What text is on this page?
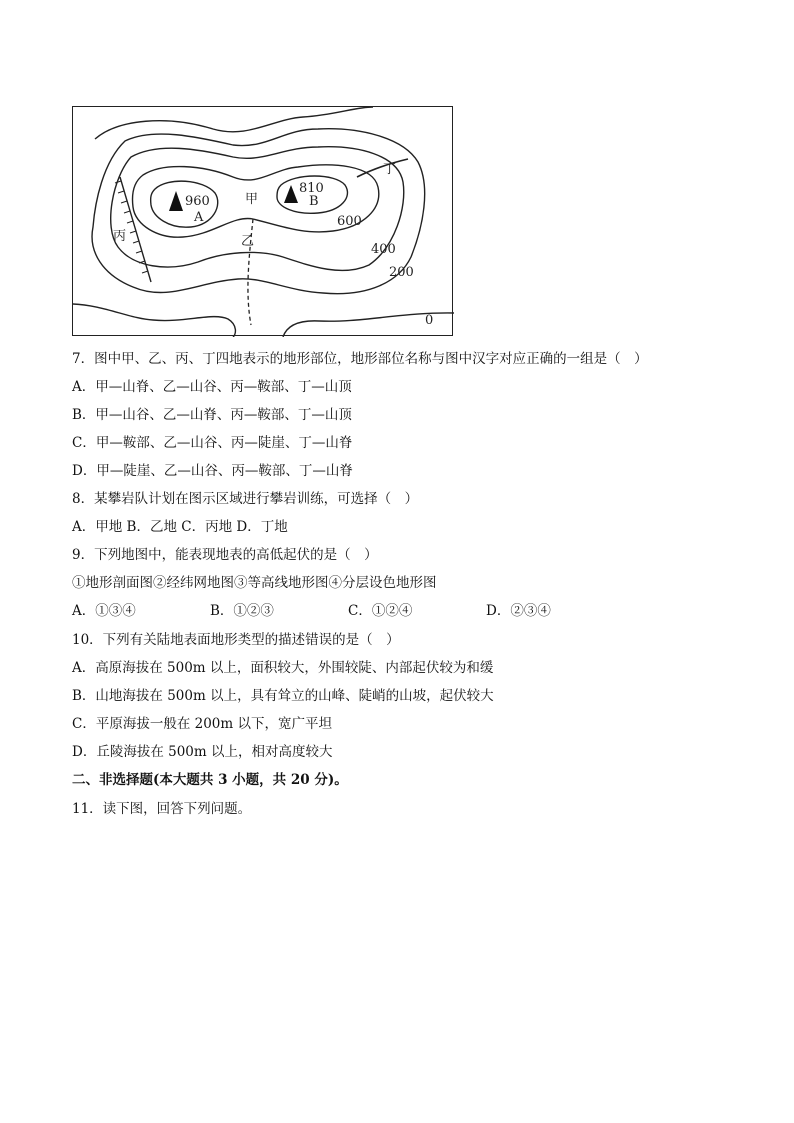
960
A
810
B
甲
乙
丙
丁
600
400
200
0
7．图中甲、乙、丙、丁四地表示的地形部位，地形部位名称与图中汉字对应正确的一组是（　）
A．甲—山脊、乙—山谷、丙—鞍部、丁—山顶
B．甲—山谷、乙—山脊、丙—鞍部、丁—山顶
C．甲—鞍部、乙—山谷、丙—陡崖、丁—山脊
D．甲—陡崖、乙—山谷、丙—鞍部、丁—山脊
8．某攀岩队计划在图示区域进行攀岩训练，可选择（　）
A．甲地 B．乙地 C．丙地 D．丁地
9．下列地图中，能表现地表的高低起伏的是（　）
①地形剖面图②经纬网地图③等高线地形图④分层设色地形图
A．①③④	B．①②③	C．①②④	D．②③④
10．下列有关陆地表面地形类型的描述错误的是（　）
A．高原海拔在 500m 以上，面积较大，外围较陡、内部起伏较为和缓
B．山地海拔在 500m 以上，具有耸立的山峰、陡峭的山坡，起伏较大
C．平原海拔一般在 200m 以下，宽广平坦
D．丘陵海拔在 500m 以上，相对高度较大
二、非选择题(本大题共 3 小题，共 20 分)。
11．读下图，回答下列问题。
